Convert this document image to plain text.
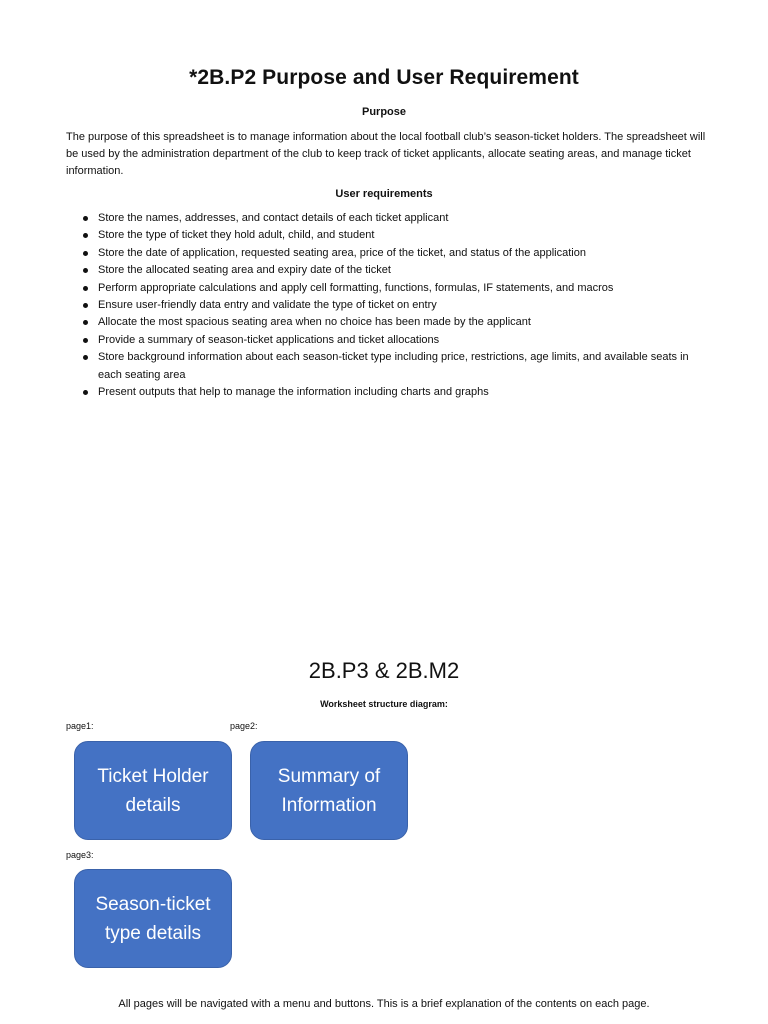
*2B.P2 Purpose and User Requirement
Purpose
The purpose of this spreadsheet is to manage information about the local football club’s season-ticket holders. The spreadsheet will be used by the administration department of the club to keep track of ticket applicants, allocate seating areas, and manage ticket information.
User requirements
Store the names, addresses, and contact details of each ticket applicant
Store the type of ticket they hold adult, child, and student
Store the date of application, requested seating area, price of the ticket, and status of the application
Store the allocated seating area and expiry date of the ticket
Perform appropriate calculations and apply cell formatting, functions, formulas, IF statements, and macros
Ensure user-friendly data entry and validate the type of ticket on entry
Allocate the most spacious seating area when no choice has been made by the applicant
Provide a summary of season-ticket applications and ticket allocations
Store background information about each season-ticket type including price, restrictions, age limits, and available seats in each seating area
Present outputs that help to manage the information including charts and graphs
2B.P3 & 2B.M2
Worksheet structure diagram:
page1:
Ticket Holder details
page2:
Summary of Information
page3:
Season-ticket type details
All pages will be navigated with a menu and buttons. This is a brief explanation of the contents on each page.
